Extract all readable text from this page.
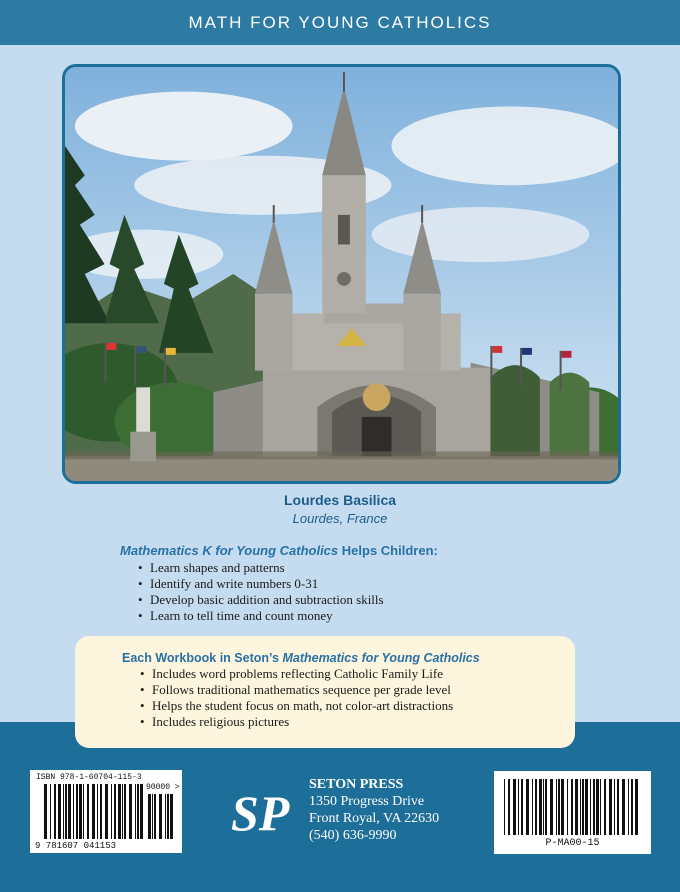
MATH FOR YOUNG CATHOLICS
Lourdes Basilica
Lourdes, France
Mathematics K for Young Catholics Helps Children:
• Learn shapes and patterns
• Identify and write numbers 0-31
• Develop basic addition and subtraction skills
• Learn to tell time and count money
Each Workbook in Seton’s Mathematics for Young Catholics
• Includes word problems reflecting Catholic Family Life
• Follows traditional mathematics sequence per grade level
• Helps the student focus on math, not color-art distractions
• Includes religious pictures
ISBN 978-1-60704-115-3
90000 >
9 781607 041153	P-MA00-15
SP
SETON PRESS
1350 Progress Drive
Front Royal, VA 22630
(540) 636-9990
